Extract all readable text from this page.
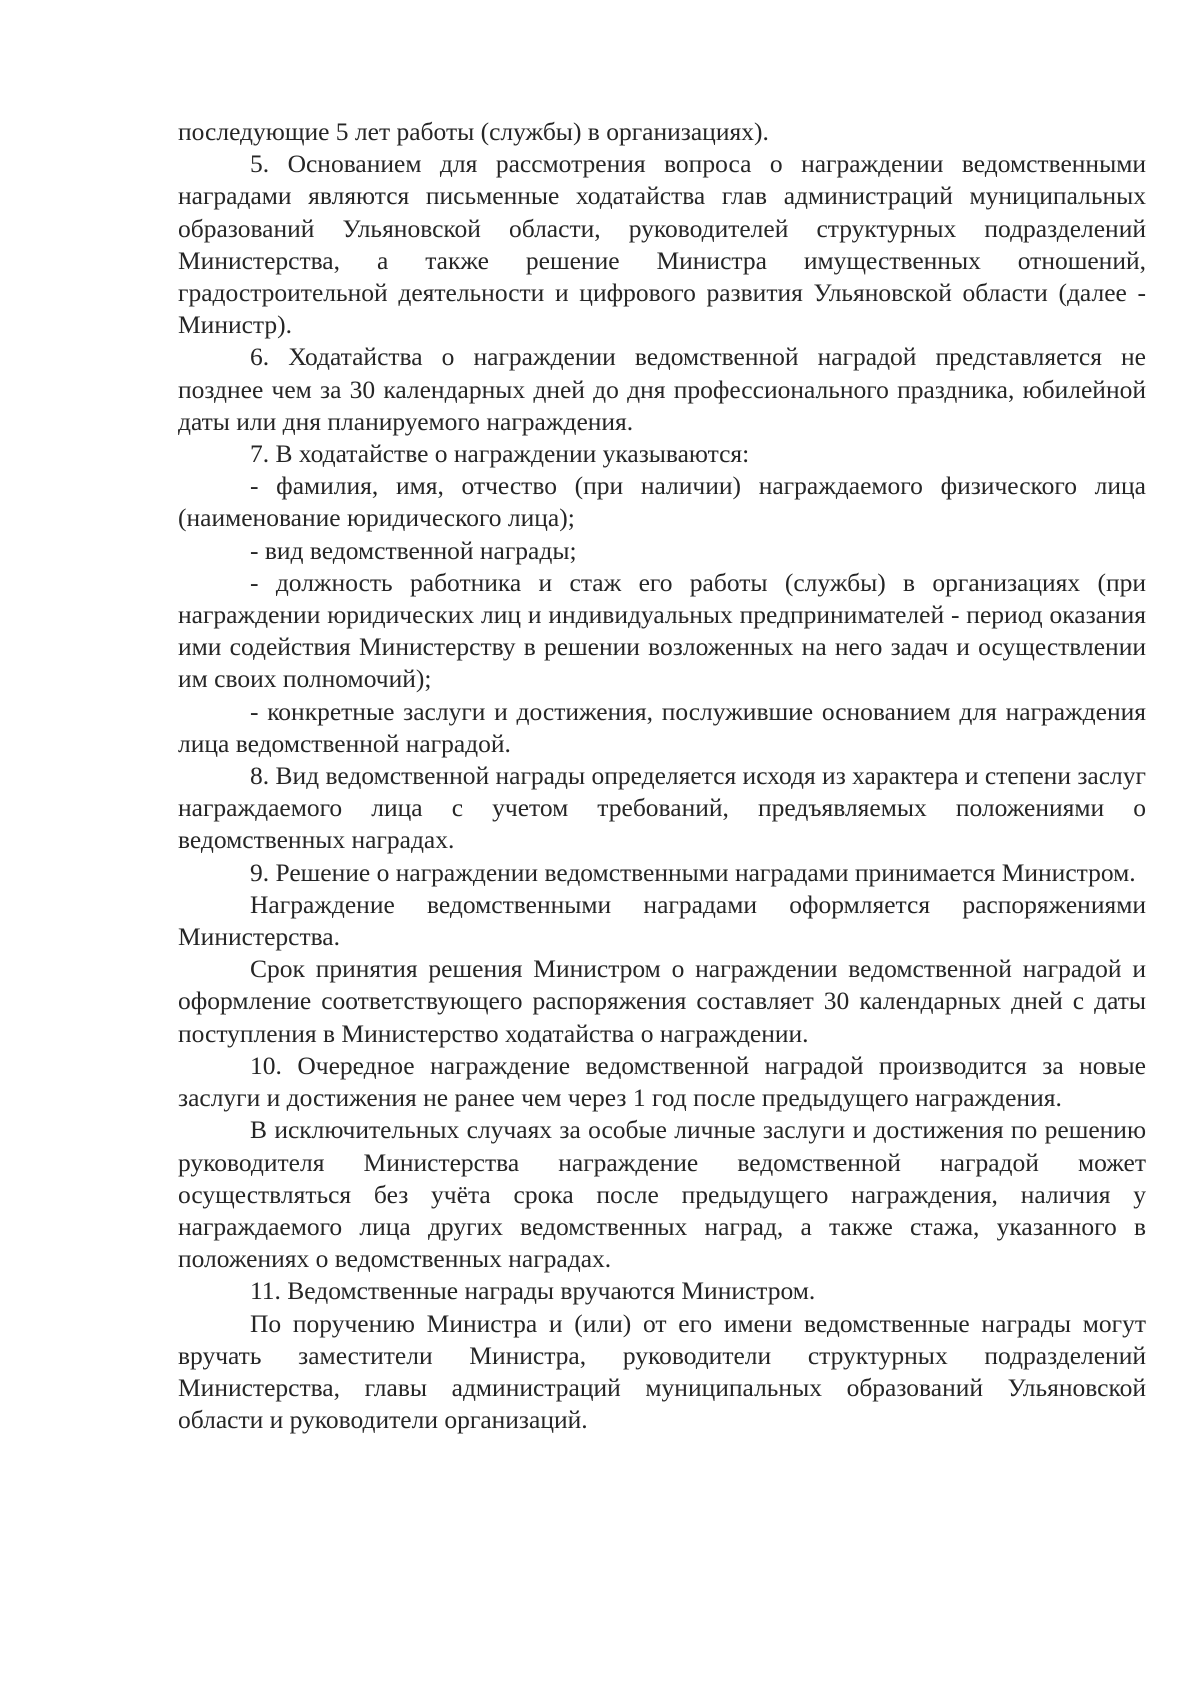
последующие 5 лет работы (службы) в организациях).

5. Основанием для рассмотрения вопроса о награждении ведомственными наградами являются письменные ходатайства глав администраций муниципальных образований Ульяновской области, руководителей структурных подразделений Министерства, а также решение Министра имущественных отношений, градостроительной деятельности и цифрового развития Ульяновской области (далее - Министр).

6. Ходатайства о награждении ведомственной наградой представляется не позднее чем за 30 календарных дней до дня профессионального праздника, юбилейной даты или дня планируемого награждения.

7. В ходатайстве о награждении указываются:

- фамилия, имя, отчество (при наличии) награждаемого физического лица (наименование юридического лица);

- вид ведомственной награды;

- должность работника и стаж его работы (службы) в организациях (при награждении юридических лиц и индивидуальных предпринимателей - период оказания ими содействия Министерству в решении возложенных на него задач и осуществлении им своих полномочий);

- конкретные заслуги и достижения, послужившие основанием для награждения лица ведомственной наградой.

8. Вид ведомственной награды определяется исходя из характера и степени заслуг награждаемого лица с учетом требований, предъявляемых положениями о ведомственных наградах.

9. Решение о награждении ведомственными наградами принимается Министром.

Награждение ведомственными наградами оформляется распоряжениями Министерства.

Срок принятия решения Министром о награждении ведомственной наградой и оформление соответствующего распоряжения составляет 30 календарных дней с даты поступления в Министерство ходатайства о награждении.

10. Очередное награждение ведомственной наградой производится за новые заслуги и достижения не ранее чем через 1 год после предыдущего награждения.

В исключительных случаях за особые личные заслуги и достижения по решению руководителя Министерства награждение ведомственной наградой может осуществляться без учёта срока после предыдущего награждения, наличия у награждаемого лица других ведомственных наград, а также стажа, указанного в положениях о ведомственных наградах.

11. Ведомственные награды вручаются Министром.

По поручению Министра и (или) от его имени ведомственные награды могут вручать заместители Министра, руководители структурных подразделений Министерства, главы администраций муниципальных образований Ульяновской области и руководители организаций.
